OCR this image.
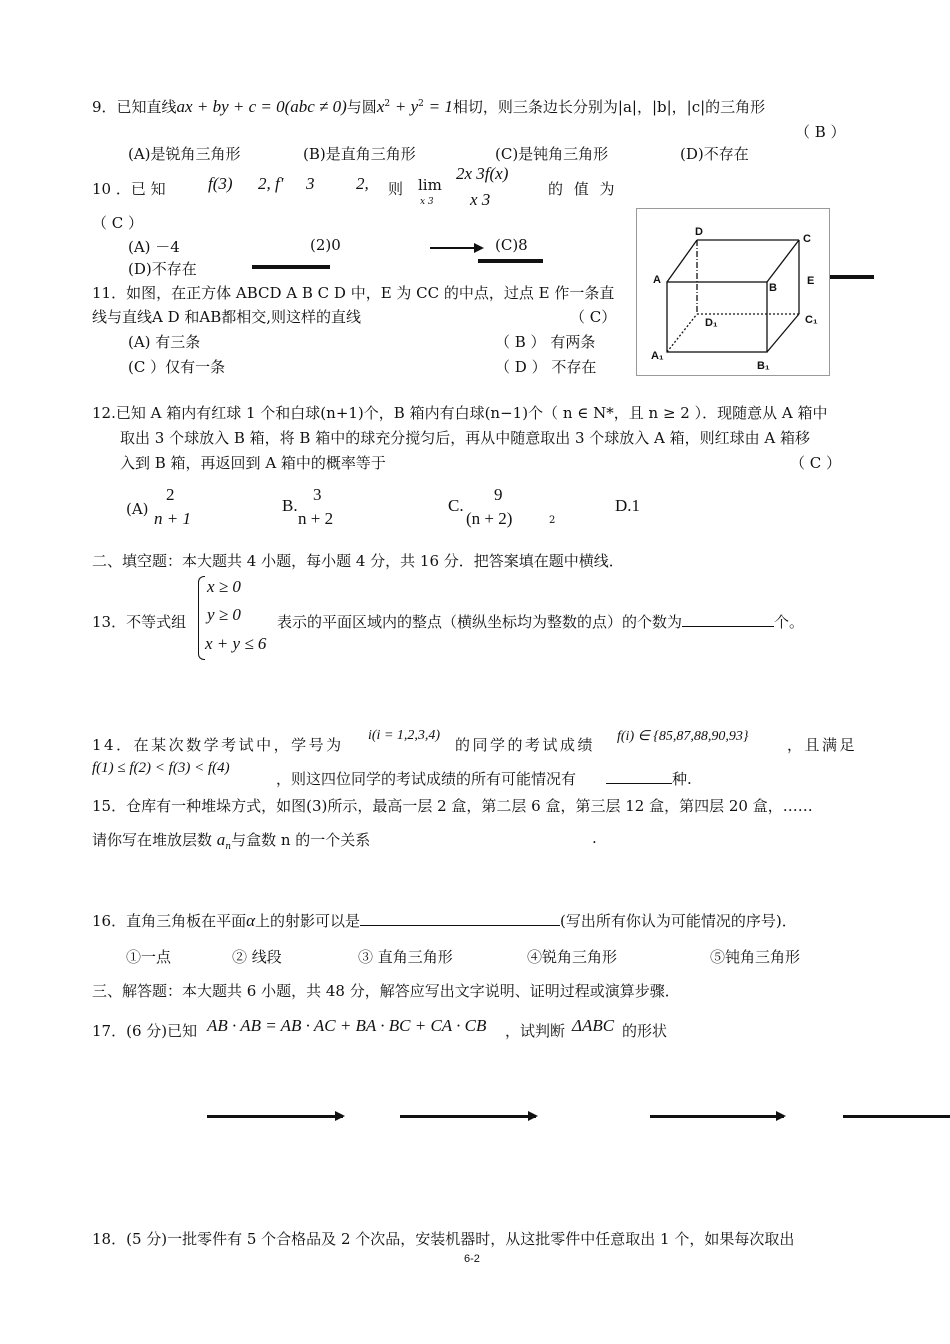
9．已知直线ax + by + c = 0(abc ≠ 0)与圆$x^2 + y^2 = 1$相切，则三条边长分别为|a|，|b|，|c|的三角形
（ B ）
(A)是锐角三角形	(B)是直角三角形	(C)是钝角三角形	(D)不存在
10 ．已 知 f(3) 2, f' 3 2, 则 lim
x 3
2x 3f(x)
x 3
的 值 为
（ C ）
(A) －4	(2)0	(C)8
(D)不存在
11．如图，在正方体 ABCD A B C D 中，E 为 CC 的中点，过点 E 作一条直
线与直线A D 和AB都相交,则这样的直线	（ C）
(A) 有三条	（ B ） 有两条
(C ）仅有一条	（ D ） 不存在
D
C
A
B
E
D₁	C₁
A₁
B₁
12.已知 A 箱内有红球 1 个和白球(n+1)个，B 箱内有白球(n−1)个（ n ∈ N*，且 n ≥ 2 ）．现随意从 A 箱中
取出 3 个球放入 B 箱，将 B 箱中的球充分搅匀后，再从中随意取出 3 个球放入 A 箱，则红球由 A 箱移
入到 B 箱，再返回到 A 箱中的概率等于	（ C ）
(A)
2
n + 1
B.
3
n + 2
C.
9
(n + 2)	2
D.1
二、填空题：本大题共 4 小题，每小题 4 分，共 16 分．把答案填在题中横线．
13．不等式组
x ≥ 0
y ≥ 0
x + y ≤ 6
表示的平面区域内的整点（横纵坐标均为整数的点）的个数为	个。
14．在某次数学考试中，学号为
i(i = 1,2,3,4)
的同学的考试成绩 f(i) ∈ {85,87,88,90,93}	，且满足
f(1) ≤ f(2) < f(3) < f(4)
，则这四位同学的考试成绩的所有可能情况有	种.
15．仓库有一种堆垛方式，如图(3)所示，最高一层 2 盒，第二层 6 盒，第三层 12 盒，第四层 20 盒，……
请你写在堆放层数 $a_n$与盒数 n 的一个关系	.
16．直角三角板在平面α上的射影可以是	(写出所有你认为可能情况的序号)．
①一点	② 线段	③ 直角三角形	④锐角三角形	⑤钝角三角形
三、解答题：本大题共 6 小题，共 48 分，解答应写出文字说明、证明过程或演算步骤．
17．(6 分)已知 AB · AB = AB · AC + BA · BC + CA · CB ，试判断 ΔABC 的形状
18．(5 分)一批零件有 5 个合格品及 2 个次品，安装机器时，从这批零件中任意取出 1 个，如果每次取出
6-2
